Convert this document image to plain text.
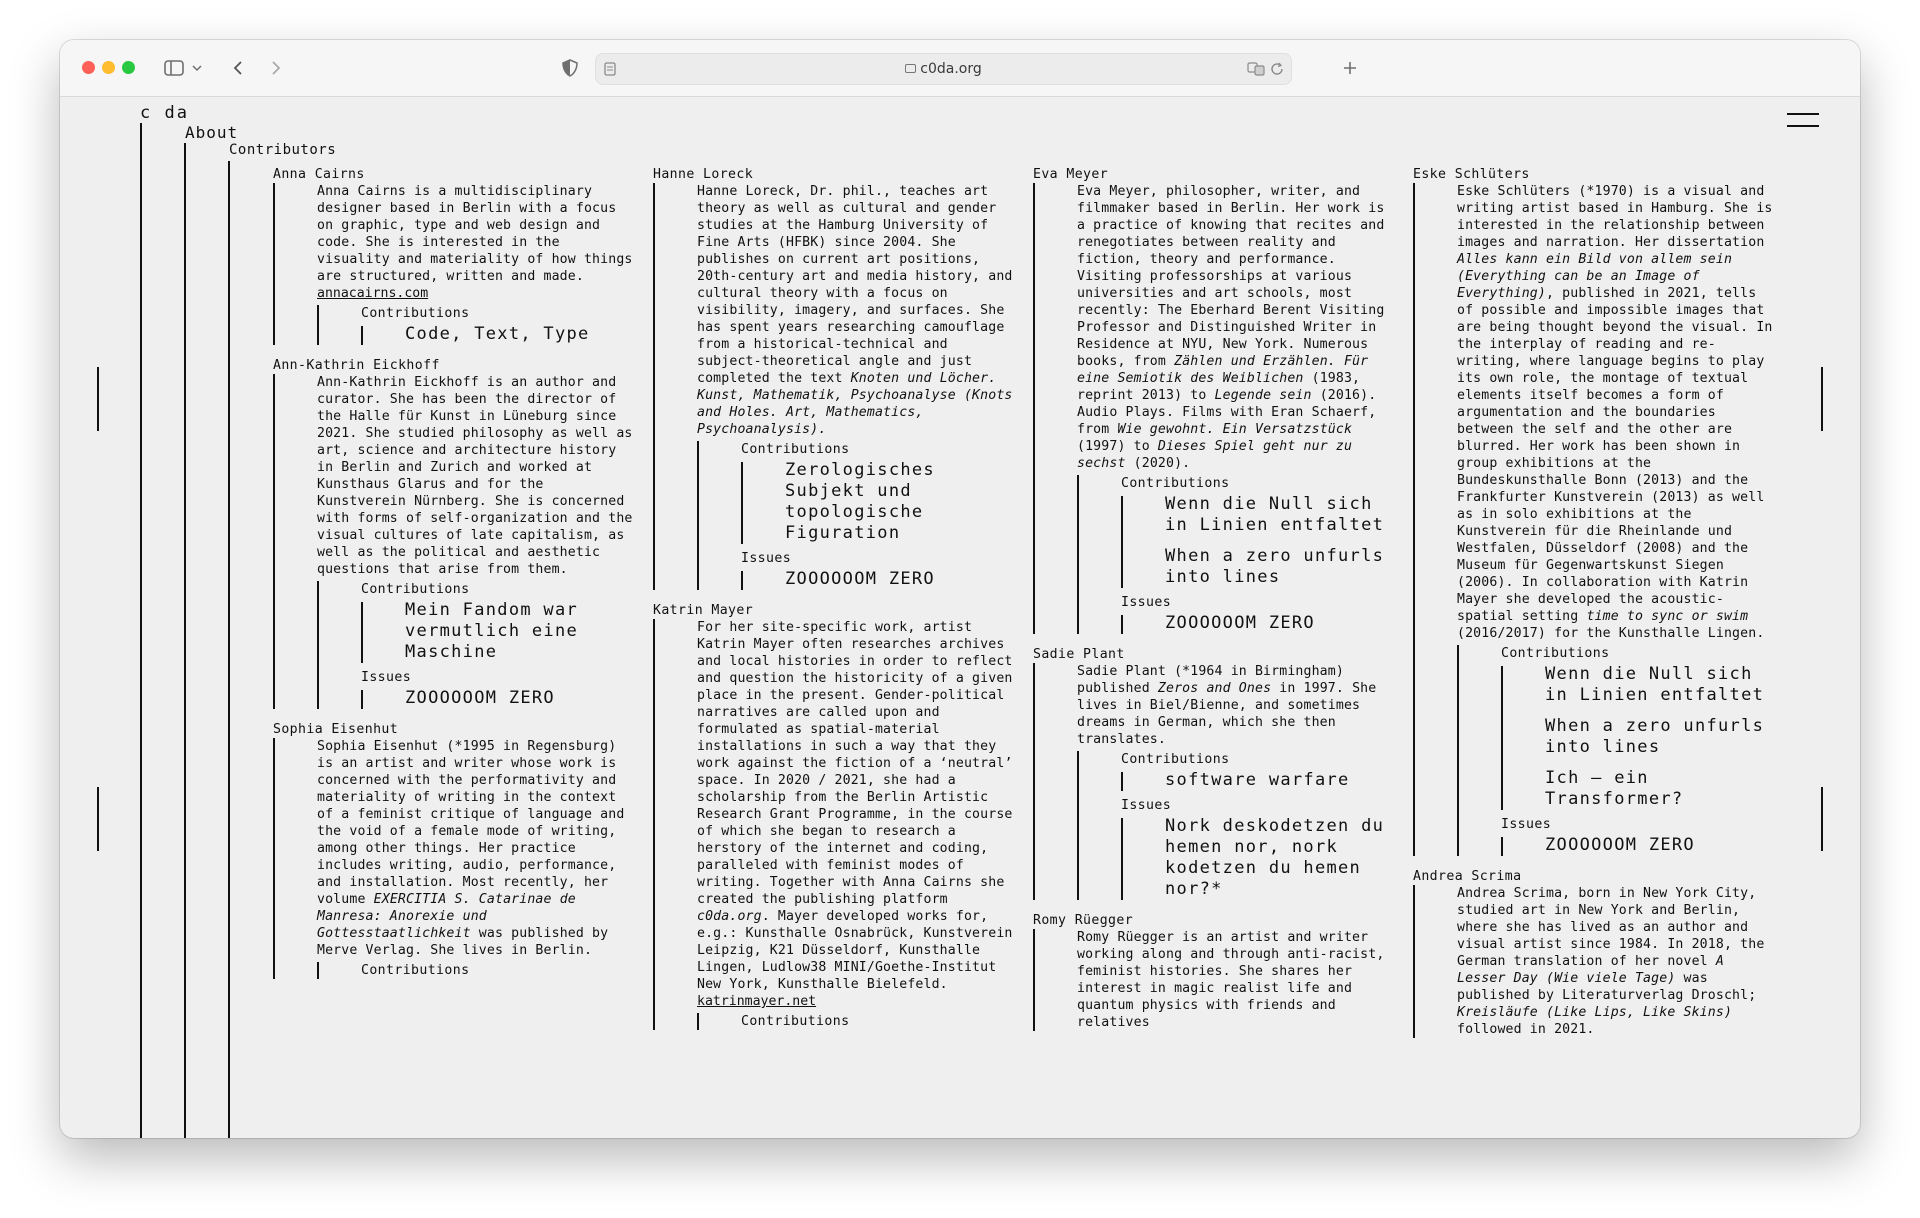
c0da.org
c da
About
Contributors

Anna Cairns

Anna Cairns is a multidisciplinary designer based in Berlin with a focus on graphic, type and web design and code. She is interested in the visuality and materiality of how things are structured, written and made.

annacairns.com

Contributions

Code, Text, Type

Ann-Kathrin Eickhoff

Ann-Kathrin Eickhoff is an author and curator. She has been the director of the Halle für Kunst in Lüneburg since 2021. She studied philosophy as well as art, science and architecture history in Berlin and Zurich and worked at Kunsthaus Glarus and for the Kunstverein Nürnberg. She is concerned with forms of self-organization and the visual cultures of late capitalism, as well as the political and aesthetic questions that arise from them.

Contributions

Mein Fandom war vermutlich eine Maschine

Issues

ZOOOOOOM ZERO

Sophia Eisenhut

Sophia Eisenhut (*1995 in Regensburg) is an artist and writer whose work is concerned with the performativity and materiality of writing in the context of a feminist critique of language and the void of a female mode of writing, among other things. Her practice includes writing, audio, performance, and installation. Most recently, her volume EXERCITIA S. Catarinae de Manresa: Anorexie und Gottesstaatlichkeit was published by Merve Verlag. She lives in Berlin.

Contributions

Hanne Loreck

Hanne Loreck, Dr. phil., teaches art theory as well as cultural and gender studies at the Hamburg University of Fine Arts (HFBK) since 2004. She publishes on current art positions, 20th-century art and media history, and cultural theory with a focus on visibility, imagery, and surfaces. She has spent years researching camouflage from a historical-technical and subject-theoretical angle and just completed the text Knoten und Löcher. Kunst, Mathematik, Psychoanalyse (Knots and Holes. Art, Mathematics, Psychoanalysis).

Contributions

Zerologisches Subjekt und topologische Figuration

Issues

ZOOOOOOM ZERO

Katrin Mayer

For her site-specific work, artist Katrin Mayer often researches archives and local histories in order to reflect and question the historicity of a given place in the present. Gender-political narratives are called upon and formulated as spatial-material installations in such a way that they work against the fiction of a ‘neutral’ space. In 2020 / 2021, she had a scholarship from the Berlin Artistic Research Grant Programme, in the course of which she began to research a herstory of the internet and coding, paralleled with feminist modes of writing. Together with Anna Cairns she created the publishing platform c0da.org. Mayer developed works for, e.g.: Kunsthalle Osnabrück, Kunstverein Leipzig, K21 Düsseldorf, Kunsthalle Lingen, Ludlow38 MINI/Goethe-Institut New York, Kunsthalle Bielefeld.

katrinmayer.net

Contributions

Eva Meyer

Eva Meyer, philosopher, writer, and filmmaker based in Berlin. Her work is a practice of knowing that recites and renegotiates between reality and fiction, theory and performance. Visiting professorships at various universities and art schools, most recently: The Eberhard Berent Visiting Professor and Distinguished Writer in Residence at NYU, New York. Numerous books, from Zählen und Erzählen. Für eine Semiotik des Weiblichen (1983, reprint 2013) to Legende sein (2016). Audio Plays. Films with Eran Schaerf, from Wie gewohnt. Ein Versatzstück (1997) to Dieses Spiel geht nur zu sechst (2020).

Contributions

Wenn die Null sich in Linien entfaltet
When a zero unfurls into lines

Issues

ZOOOOOOM ZERO

Sadie Plant

Sadie Plant (*1964 in Birmingham) published Zeros and Ones in 1997. She lives in Biel/Bienne, and sometimes dreams in German, which she then translates.

Contributions

software warfare

Issues

Nork deskodetzen du hemen nor, nork kodetzen du hemen nor?*

Romy Rüegger

Romy Rüegger is an artist and writer working along and through anti-racist, feminist histories. She shares her interest in magic realist life and quantum physics with friends and relatives

Eske Schlüters

Eske Schlüters (*1970) is a visual and writing artist based in Hamburg. She is interested in the relationship between images and narration. Her dissertation Alles kann ein Bild von allem sein (Everything can be an Image of Everything), published in 2021, tells of possible and impossible images that are being thought beyond the visual. In the interplay of reading and re-writing, where language begins to play its own role, the montage of textual elements itself becomes a form of argumentation and the boundaries between the self and the other are blurred. Her work has been shown in group exhibitions at the Bundeskunsthalle Bonn (2013) and the Frankfurter Kunstverein (2013) as well as in solo exhibitions at the Kunstverein für die Rheinlande und Westfalen, Düsseldorf (2008) and the Museum für Gegenwartskunst Siegen (2006). In collaboration with Katrin Mayer she developed the acoustic-spatial setting time to sync or swim (2016/2017) for the Kunsthalle Lingen.

Contributions

Wenn die Null sich in Linien entfaltet
When a zero unfurls into lines
Ich – ein Transformer?

Issues

ZOOOOOOM ZERO

Andrea Scrima

Andrea Scrima, born in New York City, studied art in New York and Berlin, where she has lived as an author and visual artist since 1984. In 2018, the German translation of her novel A Lesser Day (Wie viele Tage) was published by Literaturverlag Droschl; Kreisläufe (Like Lips, Like Skins) followed in 2021.
